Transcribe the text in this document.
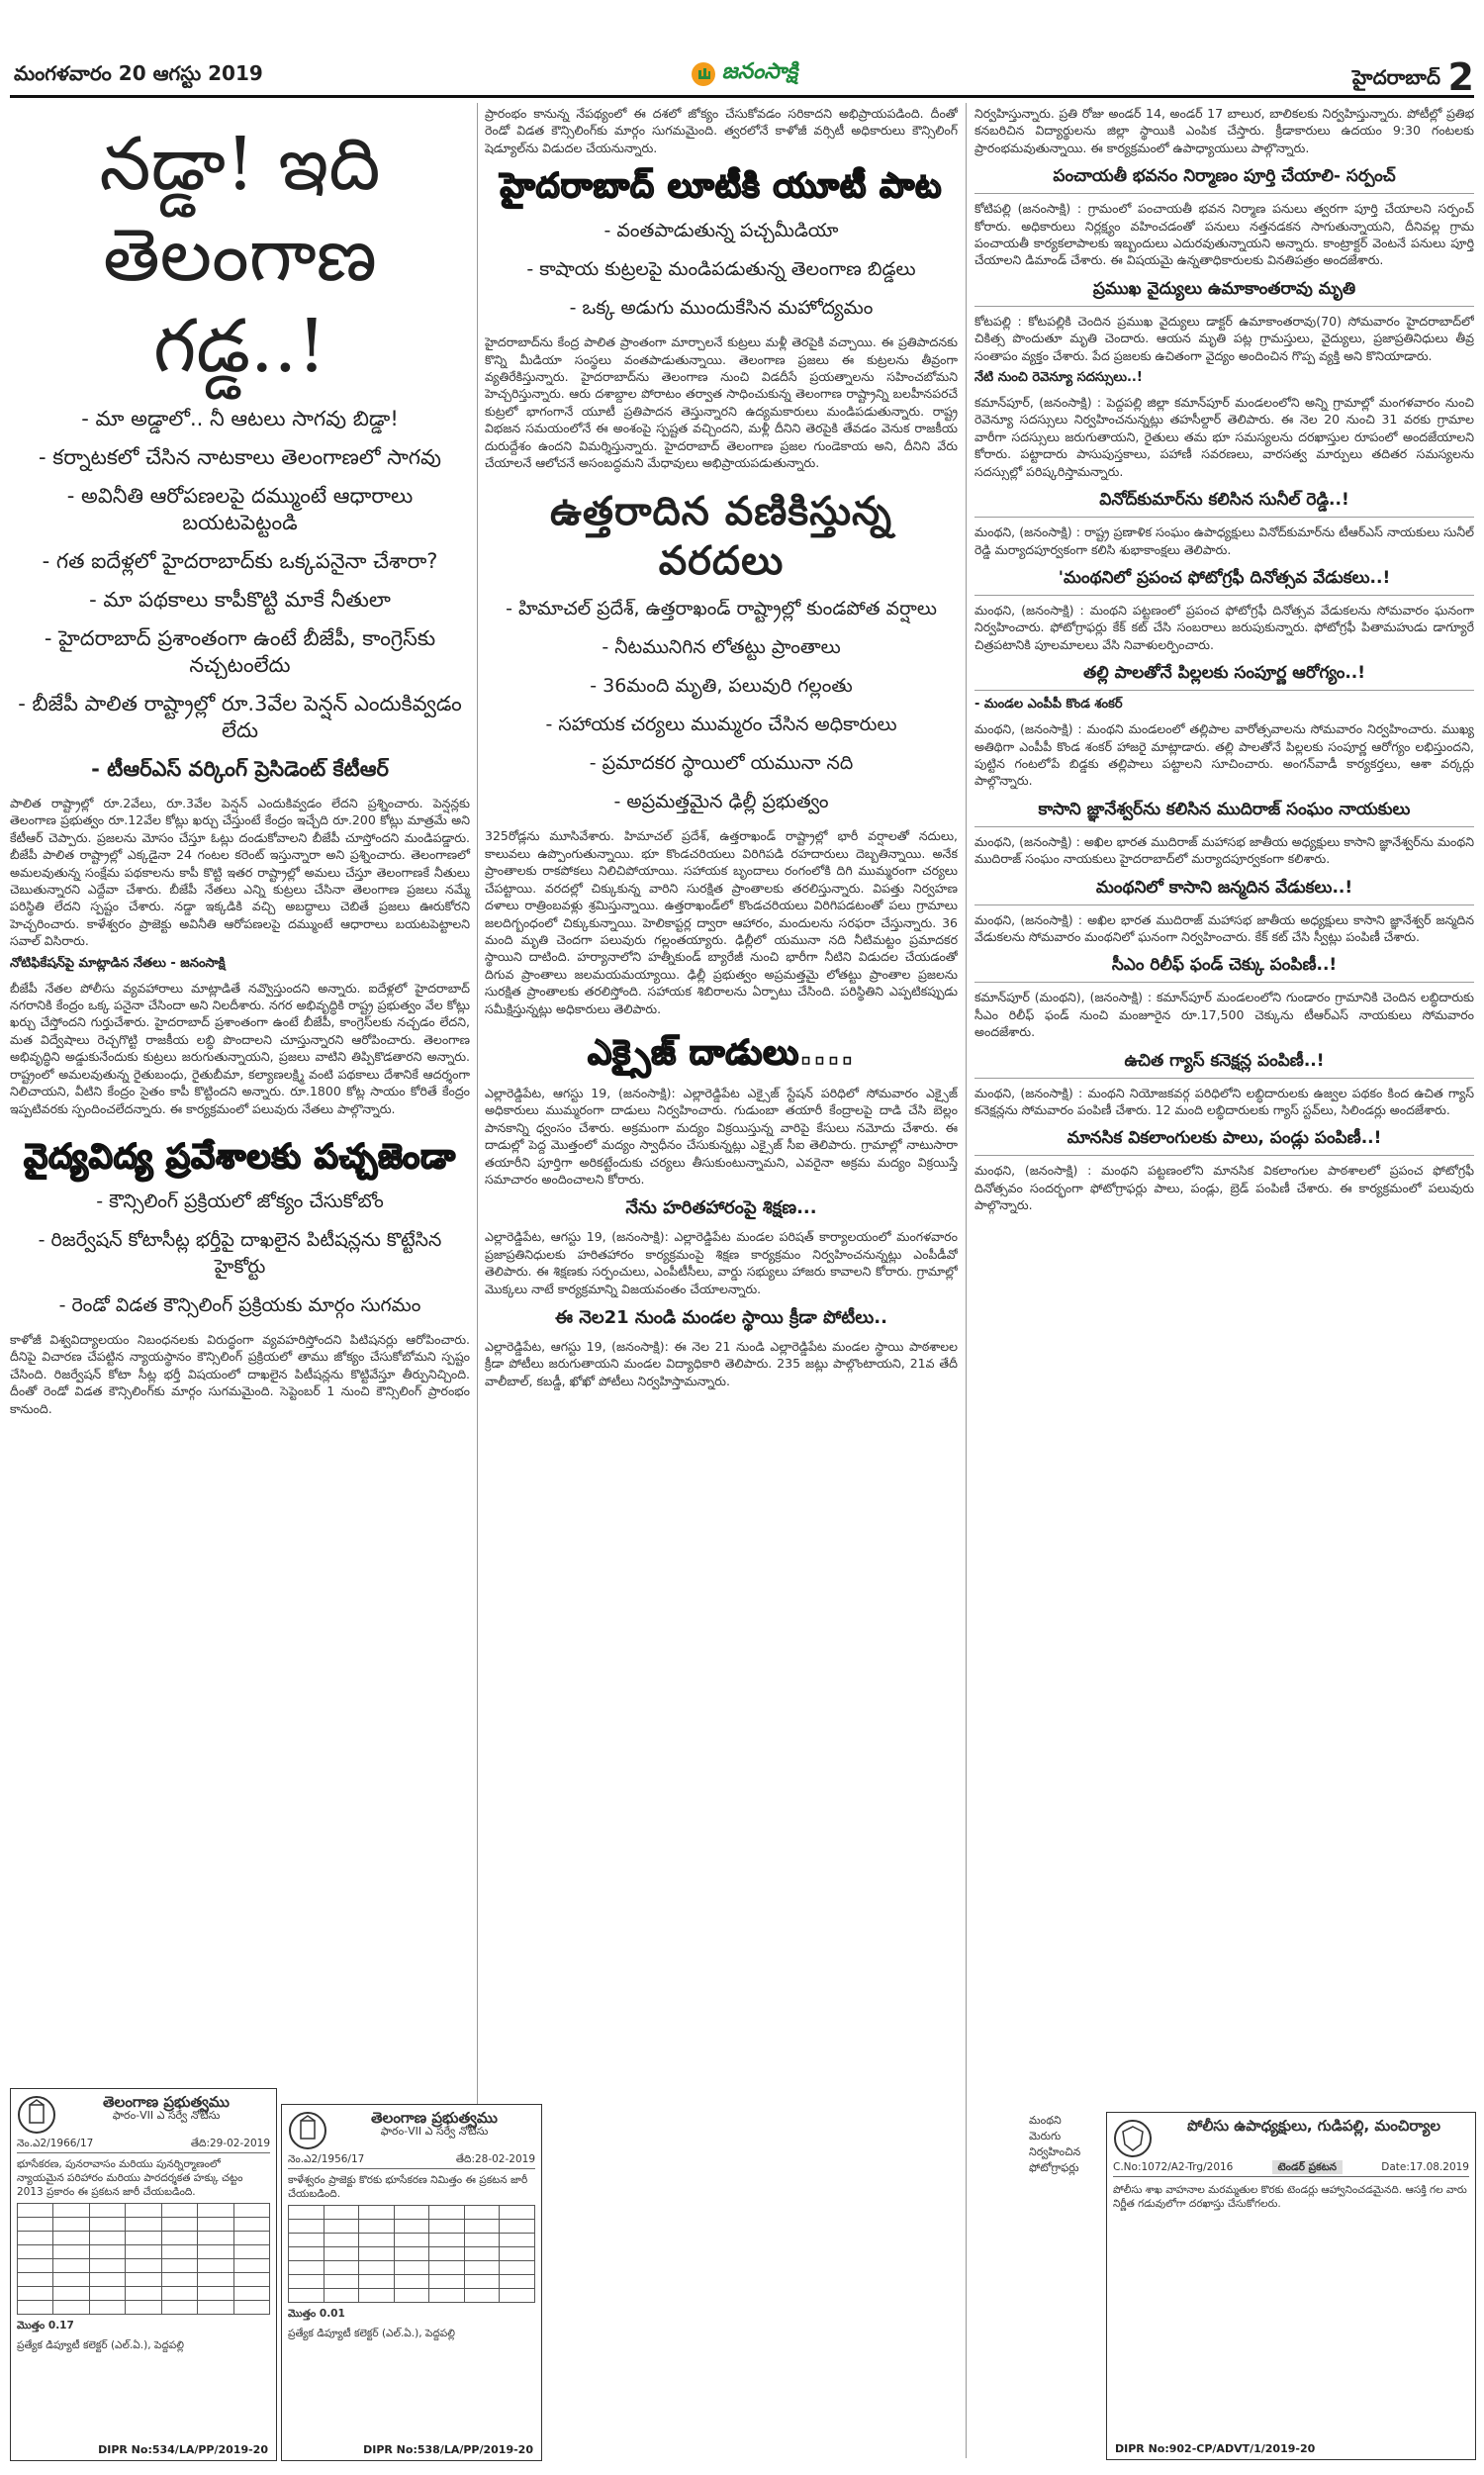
మంగళవారం 20 ఆగస్టు 2019	జనంసాక్షి	హైదరాబాద్ 2
నడ్డా! ఇది
తెలంగాణ గడ్డ..!
- మా అడ్డాలో.. నీ ఆటలు సాగవు బిడ్డా!
- కర్నాటకలో చేసిన నాటకాలు తెలంగాణలో సాగవు
- అవినీతి ఆరోపణలపై దమ్ముంటే ఆధారాలు బయటపెట్టండి
- గత ఐదేళ్లలో హైదరాబాద్‌కు ఒక్కపనైనా చేశారా?
- మా పథకాలు కాపీకొట్టి మాకే నీతులా
- హైదరాబాద్ ప్రశాంతంగా ఉంటే బీజేపీ, కాంగ్రెస్‌కు నచ్చటంలేదు
- బీజేపీ పాలిత రాష్ట్రాల్లో రూ.3వేల పెన్షన్ ఎందుకివ్వడం లేదు
- టీఆర్ఎస్ వర్కింగ్ ప్రెసిడెంట్ కేటీఆర్

పాలిత రాష్ట్రాల్లో రూ.2వేలు, రూ.3వేల పెన్షన్ ఎందుకివ్వడం లేదని ప్రశ్నించారు. పెన్షన్లకు తెలంగాణ ప్రభుత్వం రూ.12వేల కోట్లు ఖర్చు చేస్తుంటే కేంద్రం ఇచ్చేది రూ.200 కోట్లు మాత్రమే అని కేటీఆర్ చెప్పారు. ప్రజలను మోసం చేస్తూ ఓట్లు దండుకోవాలని బీజేపీ చూస్తోందని మండిపడ్డారు. బీజేపీ పాలిత రాష్ట్రాల్లో ఎక్కడైనా 24 గంటల కరెంట్ ఇస్తున్నారా అని ప్రశ్నించారు. తెలంగాణలో అమలవుతున్న సంక్షేమ పథకాలను కాపీ కొట్టి ఇతర రాష్ట్రాల్లో అమలు చేస్తూ తెలంగాణకే నీతులు చెబుతున్నారని ఎద్దేవా చేశారు. బీజేపీ నేతలు ఎన్ని కుట్రలు చేసినా తెలంగాణ ప్రజలు నమ్మే పరిస్థితి లేదని స్పష్టం చేశారు. నడ్డా ఇక్కడికి వచ్చి అబద్ధాలు చెబితే ప్రజలు ఊరుకోరని హెచ్చరించారు. కాళేశ్వరం ప్రాజెక్టు అవినీతి ఆరోపణలపై దమ్ముంటే ఆధారాలు బయటపెట్టాలని సవాల్ విసిరారు.

నోటిఫికేషన్‌పై మాట్లాడిన నేతలు - జనంసాక్షి

బీజేపీ నేతల పోలీసు వ్యవహారాలు మాట్లాడితే నవ్వొస్తుందని అన్నారు. ఐదేళ్లలో హైదరాబాద్ నగరానికి కేంద్రం ఒక్క పనైనా చేసిందా అని నిలదీశారు. నగర అభివృద్ధికి రాష్ట్ర ప్రభుత్వం వేల కోట్లు ఖర్చు చేస్తోందని గుర్తుచేశారు. హైదరాబాద్ ప్రశాంతంగా ఉంటే బీజేపీ, కాంగ్రెస్‌లకు నచ్చడం లేదని, మత విద్వేషాలు రెచ్చగొట్టి రాజకీయ లబ్ధి పొందాలని చూస్తున్నారని ఆరోపించారు. తెలంగాణ అభివృద్ధిని అడ్డుకునేందుకు కుట్రలు జరుగుతున్నాయని, ప్రజలు వాటిని తిప్పికొడతారని అన్నారు. రాష్ట్రంలో అమలవుతున్న రైతుబంధు, రైతుబీమా, కల్యాణలక్ష్మి వంటి పథకాలు దేశానికే ఆదర్శంగా నిలిచాయని, వీటిని కేంద్రం సైతం కాపీ కొట్టిందని అన్నారు. రూ.1800 కోట్ల సాయం కోరితే కేంద్రం ఇప్పటివరకు స్పందించలేదన్నారు. ఈ కార్యక్రమంలో పలువురు నేతలు పాల్గొన్నారు.

వైద్యవిద్య ప్రవేశాలకు పచ్చజెండా
- కౌన్సిలింగ్ ప్రక్రియలో జోక్యం చేసుకోబోం
- రిజర్వేషన్ కోటాసీట్ల భర్తీపై దాఖలైన పిటీషన్లను కొట్టేసిన హైకోర్టు
- రెండో విడత కౌన్సిలింగ్ ప్రక్రియకు మార్గం సుగమం

కాళోజీ విశ్వవిద్యాలయం నిబంధనలకు విరుద్ధంగా వ్యవహరిస్తోందని పిటిషనర్లు ఆరోపించారు. దీనిపై విచారణ చేపట్టిన న్యాయస్థానం కౌన్సిలింగ్ ప్రక్రియలో తాము జోక్యం చేసుకోబోమని స్పష్టం చేసింది. రిజర్వేషన్ కోటా సీట్ల భర్తీ విషయంలో దాఖలైన పిటీషన్లను కొట్టివేస్తూ తీర్పునిచ్చింది. దీంతో రెండో విడత కౌన్సిలింగ్‌కు మార్గం సుగమమైంది. సెప్టెంబర్ 1 నుంచి కౌన్సిలింగ్ ప్రారంభం కానుంది.

తెలంగాణ ప్రభుత్వము
ఫారం-VII ఎ సర్వే నోటీసు
నెం.ఎ2/1966/17	తేది:29-02-2019

భూసేకరణ, పునరావాసం మరియు పునర్నిర్మాణంలో న్యాయమైన పరిహారం మరియు పారదర్శకత హక్కు చట్టం 2013 ప్రకారం ఈ ప్రకటన జారీ చేయబడింది.

మొత్తం 0.17

ప్రత్యేక డిప్యూటీ కలెక్టర్ (ఎల్.ఏ.), పెద్దపల్లి

DIPR No:534/LA/PP/2019-20
తెలంగాణ ప్రభుత్వము
ఫారం-VII ఎ సర్వే నోటీసు
నెం.ఎ2/1956/17	తేది:28-02-2019

కాళేశ్వరం ప్రాజెక్టు కొరకు భూసేకరణ నిమిత్తం ఈ ప్రకటన జారీ చేయబడింది.

మొత్తం 0.01

ప్రత్యేక డిప్యూటీ కలెక్టర్ (ఎల్.ఏ.), పెద్దపల్లి

DIPR No:538/LA/PP/2019-20

ప్రారంభం కానున్న నేపథ్యంలో ఈ దశలో జోక్యం చేసుకోవడం సరికాదని అభిప్రాయపడింది. దీంతో రెండో విడత కౌన్సిలింగ్‌కు మార్గం సుగమమైంది. త్వరలోనే కాళోజీ వర్సిటీ అధికారులు కౌన్సిలింగ్ షెడ్యూల్‌ను విడుదల చేయనున్నారు.

హైదరాబాద్ లూటీకి యూటీ పాట
- వంతపాడుతున్న పచ్చమీడియా
- కాషాయ కుట్రలపై మండిపడుతున్న తెలంగాణ బిడ్డలు
- ఒక్క అడుగు ముందుకేసిన మహోద్యమం

హైదరాబాద్‌ను కేంద్ర పాలిత ప్రాంతంగా మార్చాలనే కుట్రలు మళ్లీ తెరపైకి వచ్చాయి. ఈ ప్రతిపాదనకు కొన్ని మీడియా సంస్థలు వంతపాడుతున్నాయి. తెలంగాణ ప్రజలు ఈ కుట్రలను తీవ్రంగా వ్యతిరేకిస్తున్నారు. హైదరాబాద్‌ను తెలంగాణ నుంచి విడదీసే ప్రయత్నాలను సహించబోమని హెచ్చరిస్తున్నారు. ఆరు దశాబ్దాల పోరాటం తర్వాత సాధించుకున్న తెలంగాణ రాష్ట్రాన్ని బలహీనపరచే కుట్రలో భాగంగానే యూటీ ప్రతిపాదన తెస్తున్నారని ఉద్యమకారులు మండిపడుతున్నారు. రాష్ట్ర విభజన సమయంలోనే ఈ అంశంపై స్పష్టత వచ్చిందని, మళ్లీ దీనిని తెరపైకి తేవడం వెనుక రాజకీయ దురుద్దేశం ఉందని విమర్శిస్తున్నారు. హైదరాబాద్ తెలంగాణ ప్రజల గుండెకాయ అని, దీనిని వేరు చేయాలనే ఆలోచనే అసంబద్ధమని మేధావులు అభిప్రాయపడుతున్నారు.

ఉత్తరాదిన వణికిస్తున్న వరదలు
- హిమాచల్ ప్రదేశ్, ఉత్తరాఖండ్ రాష్ట్రాల్లో కుండపోత వర్షాలు
- నీటమునిగిన లోతట్టు ప్రాంతాలు
- 36మంది మృతి, పలువురి గల్లంతు
- సహాయక చర్యలు ముమ్మరం చేసిన అధికారులు
- ప్రమాదకర స్థాయిలో యమునా నది
- అప్రమత్తమైన ఢిల్లీ ప్రభుత్వం

325రోడ్లను మూసివేశారు. హిమాచల్ ప్రదేశ్, ఉత్తరాఖండ్ రాష్ట్రాల్లో భారీ వర్షాలతో నదులు, కాలువలు ఉప్పొంగుతున్నాయి. భూ కొండచరియలు విరిగిపడి రహదారులు దెబ్బతిన్నాయి. అనేక ప్రాంతాలకు రాకపోకలు నిలిచిపోయాయి. సహాయక బృందాలు రంగంలోకి దిగి ముమ్మరంగా చర్యలు చేపట్టాయి. వరదల్లో చిక్కుకున్న వారిని సురక్షిత ప్రాంతాలకు తరలిస్తున్నారు. విపత్తు నిర్వహణ దళాలు రాత్రింబవళ్లు శ్రమిస్తున్నాయి. ఉత్తరాఖండ్‌లో కొండచరియలు విరిగిపడటంతో పలు గ్రామాలు జలదిగ్బంధంలో చిక్కుకున్నాయి. హెలికాప్టర్ల ద్వారా ఆహారం, మందులను సరఫరా చేస్తున్నారు. 36 మంది మృతి చెందగా పలువురు గల్లంతయ్యారు. ఢిల్లీలో యమునా నది నీటిమట్టం ప్రమాదకర స్థాయిని దాటింది. హర్యానాలోని హత్నీకుండ్ బ్యారేజీ నుంచి భారీగా నీటిని విడుదల చేయడంతో దిగువ ప్రాంతాలు జలమయమయ్యాయి. ఢిల్లీ ప్రభుత్వం అప్రమత్తమై లోతట్టు ప్రాంతాల ప్రజలను సురక్షిత ప్రాంతాలకు తరలిస్తోంది. సహాయక శిబిరాలను ఏర్పాటు చేసింది. పరిస్థితిని ఎప్పటికప్పుడు సమీక్షిస్తున్నట్లు అధికారులు తెలిపారు.

ఎక్సైజ్ దాడులు....

ఎల్లారెడ్డిపేట, ఆగస్టు 19, (జనంసాక్షి): ఎల్లారెడ్డిపేట ఎక్సైజ్ స్టేషన్ పరిధిలో సోమవారం ఎక్సైజ్ అధికారులు ముమ్మరంగా దాడులు నిర్వహించారు. గుడుంబా తయారీ కేంద్రాలపై దాడి చేసి బెల్లం పానకాన్ని ధ్వంసం చేశారు. అక్రమంగా మద్యం విక్రయిస్తున్న వారిపై కేసులు నమోదు చేశారు. ఈ దాడుల్లో పెద్ద మొత్తంలో మద్యం స్వాధీనం చేసుకున్నట్లు ఎక్సైజ్ సీఐ తెలిపారు. గ్రామాల్లో నాటుసారా తయారీని పూర్తిగా అరికట్టేందుకు చర్యలు తీసుకుంటున్నామని, ఎవరైనా అక్రమ మద్యం విక్రయిస్తే సమాచారం అందించాలని కోరారు.

నేను హరితహారంపై శిక్షణ...

ఎల్లారెడ్డిపేట, ఆగస్టు 19, (జనంసాక్షి): ఎల్లారెడ్డిపేట మండల పరిషత్ కార్యాలయంలో మంగళవారం ప్రజాప్రతినిధులకు హరితహారం కార్యక్రమంపై శిక్షణ కార్యక్రమం నిర్వహించనున్నట్లు ఎంపీడీవో తెలిపారు. ఈ శిక్షణకు సర్పంచులు, ఎంపీటీసీలు, వార్డు సభ్యులు హాజరు కావాలని కోరారు. గ్రామాల్లో మొక్కలు నాటే కార్యక్రమాన్ని విజయవంతం చేయాలన్నారు.

ఈ నెల21 నుండి మండల స్థాయి క్రీడా పోటీలు..

ఎల్లారెడ్డిపేట, ఆగస్టు 19, (జనంసాక్షి): ఈ నెల 21 నుండి ఎల్లారెడ్డిపేట మండల స్థాయి పాఠశాలల క్రీడా పోటీలు జరుగుతాయని మండల విద్యాధికారి తెలిపారు. 235 జట్లు పాల్గొంటాయని, 21వ తేదీ వాలీబాల్, కబడ్డీ, ఖోఖో పోటీలు నిర్వహిస్తామన్నారు.

నిర్వహిస్తున్నారు. ప్రతి రోజు అండర్ 14, అండర్ 17 బాలుర, బాలికలకు నిర్వహిస్తున్నారు. పోటీల్లో ప్రతిభ కనబరిచిన విద్యార్థులను జిల్లా స్థాయికి ఎంపిక చేస్తారు. క్రీడాకారులు ఉదయం 9:30 గంటలకు ప్రారంభమవుతున్నాయి. ఈ కార్యక్రమంలో ఉపాధ్యాయులు పాల్గొన్నారు.

పంచాయతీ భవనం నిర్మాణం పూర్తి చేయాలి- సర్పంచ్

కోటిపల్లి (జనంసాక్షి) : గ్రామంలో పంచాయతీ భవన నిర్మాణ పనులు త్వరగా పూర్తి చేయాలని సర్పంచ్ కోరారు. అధికారులు నిర్లక్ష్యం వహించడంతో పనులు నత్తనడకన సాగుతున్నాయని, దీనివల్ల గ్రామ పంచాయతీ కార్యకలాపాలకు ఇబ్బందులు ఎదురవుతున్నాయని అన్నారు. కాంట్రాక్టర్ వెంటనే పనులు పూర్తి చేయాలని డిమాండ్ చేశారు. ఈ విషయమై ఉన్నతాధికారులకు వినతిపత్రం అందజేశారు.

ప్రముఖ వైద్యులు ఉమాకాంతరావు మృతి

కోటపల్లి : కోటపల్లికి చెందిన ప్రముఖ వైద్యులు డాక్టర్ ఉమాకాంతరావు(70) సోమవారం హైదరాబాద్‌లో చికిత్స పొందుతూ మృతి చెందారు. ఆయన మృతి పట్ల గ్రామస్తులు, వైద్యులు, ప్రజాప్రతినిధులు తీవ్ర సంతాపం వ్యక్తం చేశారు. పేద ప్రజలకు ఉచితంగా వైద్యం అందించిన గొప్ప వ్యక్తి అని కొనియాడారు.

నేటి నుంచి రెవెన్యూ సదస్సులు..!

కమాన్‌పూర్, (జనంసాక్షి) : పెద్దపల్లి జిల్లా కమాన్‌పూర్ మండలంలోని అన్ని గ్రామాల్లో మంగళవారం నుంచి రెవెన్యూ సదస్సులు నిర్వహించనున్నట్లు తహసీల్దార్ తెలిపారు. ఈ నెల 20 నుంచి 31 వరకు గ్రామాల వారీగా సదస్సులు జరుగుతాయని, రైతులు తమ భూ సమస్యలను దరఖాస్తుల రూపంలో అందజేయాలని కోరారు. పట్టాదారు పాసుపుస్తకాలు, పహాణీ సవరణలు, వారసత్వ మార్పులు తదితర సమస్యలను సదస్సుల్లో పరిష్కరిస్తామన్నారు.

వినోద్‌కుమార్‌ను కలిసిన సునీల్ రెడ్డి..!

మంథని, (జనంసాక్షి) : రాష్ట్ర ప్రణాళిక సంఘం ఉపాధ్యక్షులు వినోద్‌కుమార్‌ను టీఆర్ఎస్ నాయకులు సునీల్ రెడ్డి మర్యాదపూర్వకంగా కలిసి శుభాకాంక్షలు తెలిపారు.

'మంథనిలో ప్రపంచ ఫోటోగ్రఫీ దినోత్సవ వేడుకలు..!

మంథని, (జనంసాక్షి) : మంథని పట్టణంలో ప్రపంచ ఫోటోగ్రఫీ దినోత్సవ వేడుకలను సోమవారం ఘనంగా నిర్వహించారు. ఫోటోగ్రాఫర్లు కేక్ కట్ చేసి సంబరాలు జరుపుకున్నారు. ఫోటోగ్రఫీ పితామహుడు డాగ్యూరే చిత్రపటానికి పూలమాలలు వేసి నివాళులర్పించారు.

తల్లి పాలతోనే పిల్లలకు సంపూర్ణ ఆరోగ్యం..!
- మండల ఎంపీపీ కొండ శంకర్

మంథని, (జనంసాక్షి) : మంథని మండలంలో తల్లిపాల వారోత్సవాలను సోమవారం నిర్వహించారు. ముఖ్య అతిథిగా ఎంపీపీ కొండ శంకర్ హాజరై మాట్లాడారు. తల్లి పాలతోనే పిల్లలకు సంపూర్ణ ఆరోగ్యం లభిస్తుందని, పుట్టిన గంటలోపే బిడ్డకు తల్లిపాలు పట్టాలని సూచించారు. అంగన్‌వాడీ కార్యకర్తలు, ఆశా వర్కర్లు పాల్గొన్నారు.

కాసాని జ్ఞానేశ్వర్‌ను కలిసిన ముదిరాజ్ సంఘం నాయకులు

మంథని, (జనంసాక్షి) : అఖిల భారత ముదిరాజ్ మహాసభ జాతీయ అధ్యక్షులు కాసాని జ్ఞానేశ్వర్‌ను మంథని ముదిరాజ్ సంఘం నాయకులు హైదరాబాద్‌లో మర్యాదపూర్వకంగా కలిశారు.

మంథనిలో కాసాని జన్మదిన వేడుకలు..!

మంథని, (జనంసాక్షి) : అఖిల భారత ముదిరాజ్ మహాసభ జాతీయ అధ్యక్షులు కాసాని జ్ఞానేశ్వర్ జన్మదిన వేడుకలను సోమవారం మంథనిలో ఘనంగా నిర్వహించారు. కేక్ కట్ చేసి స్వీట్లు పంపిణీ చేశారు.

సీఎం రిలీఫ్ ఫండ్ చెక్కు పంపిణీ..!

కమాన్‌పూర్ (మంథని), (జనంసాక్షి) : కమాన్‌పూర్ మండలంలోని గుండారం గ్రామానికి చెందిన లబ్ధిదారుకు సీఎం రిలీఫ్ ఫండ్ నుంచి మంజూరైన రూ.17,500 చెక్కును టీఆర్ఎస్ నాయకులు సోమవారం అందజేశారు.

ఉచిత గ్యాస్ కనెక్షన్ల పంపిణీ..!

మంథని, (జనంసాక్షి) : మంథని నియోజకవర్గ పరిధిలోని లబ్ధిదారులకు ఉజ్వల పథకం కింద ఉచిత గ్యాస్ కనెక్షన్లను సోమవారం పంపిణీ చేశారు. 12 మంది లబ్ధిదారులకు గ్యాస్ స్టవ్‌లు, సిలిండర్లు అందజేశారు.

మానసిక వికలాంగులకు పాలు, పండ్లు పంపిణీ..!

మంథని, (జనంసాక్షి) : మంథని పట్టణంలోని మానసిక వికలాంగుల పాఠశాలలో ప్రపంచ ఫోటోగ్రఫీ దినోత్సవం సందర్భంగా ఫోటోగ్రాఫర్లు పాలు, పండ్లు, బ్రెడ్ పంపిణీ చేశారు. ఈ కార్యక్రమంలో పలువురు పాల్గొన్నారు.

మంథని
మెరుగు
నిర్వహించిన
ఫోటోగ్రాఫర్లు
పోలీసు ఉపాధ్యక్షులు, గుడిపల్లి, మంచిర్యాల
C.No:1072/A2-Trg/2016	టెండర్ ప్రకటన	Date:17.08.2019

పోలీసు శాఖ వాహనాల మరమ్మతుల కొరకు టెండర్లు ఆహ్వానించడమైనది. ఆసక్తి గల వారు నిర్ణీత గడువులోగా దరఖాస్తు చేసుకోగలరు.

DIPR No:902-CP/ADVT/1/2019-20
